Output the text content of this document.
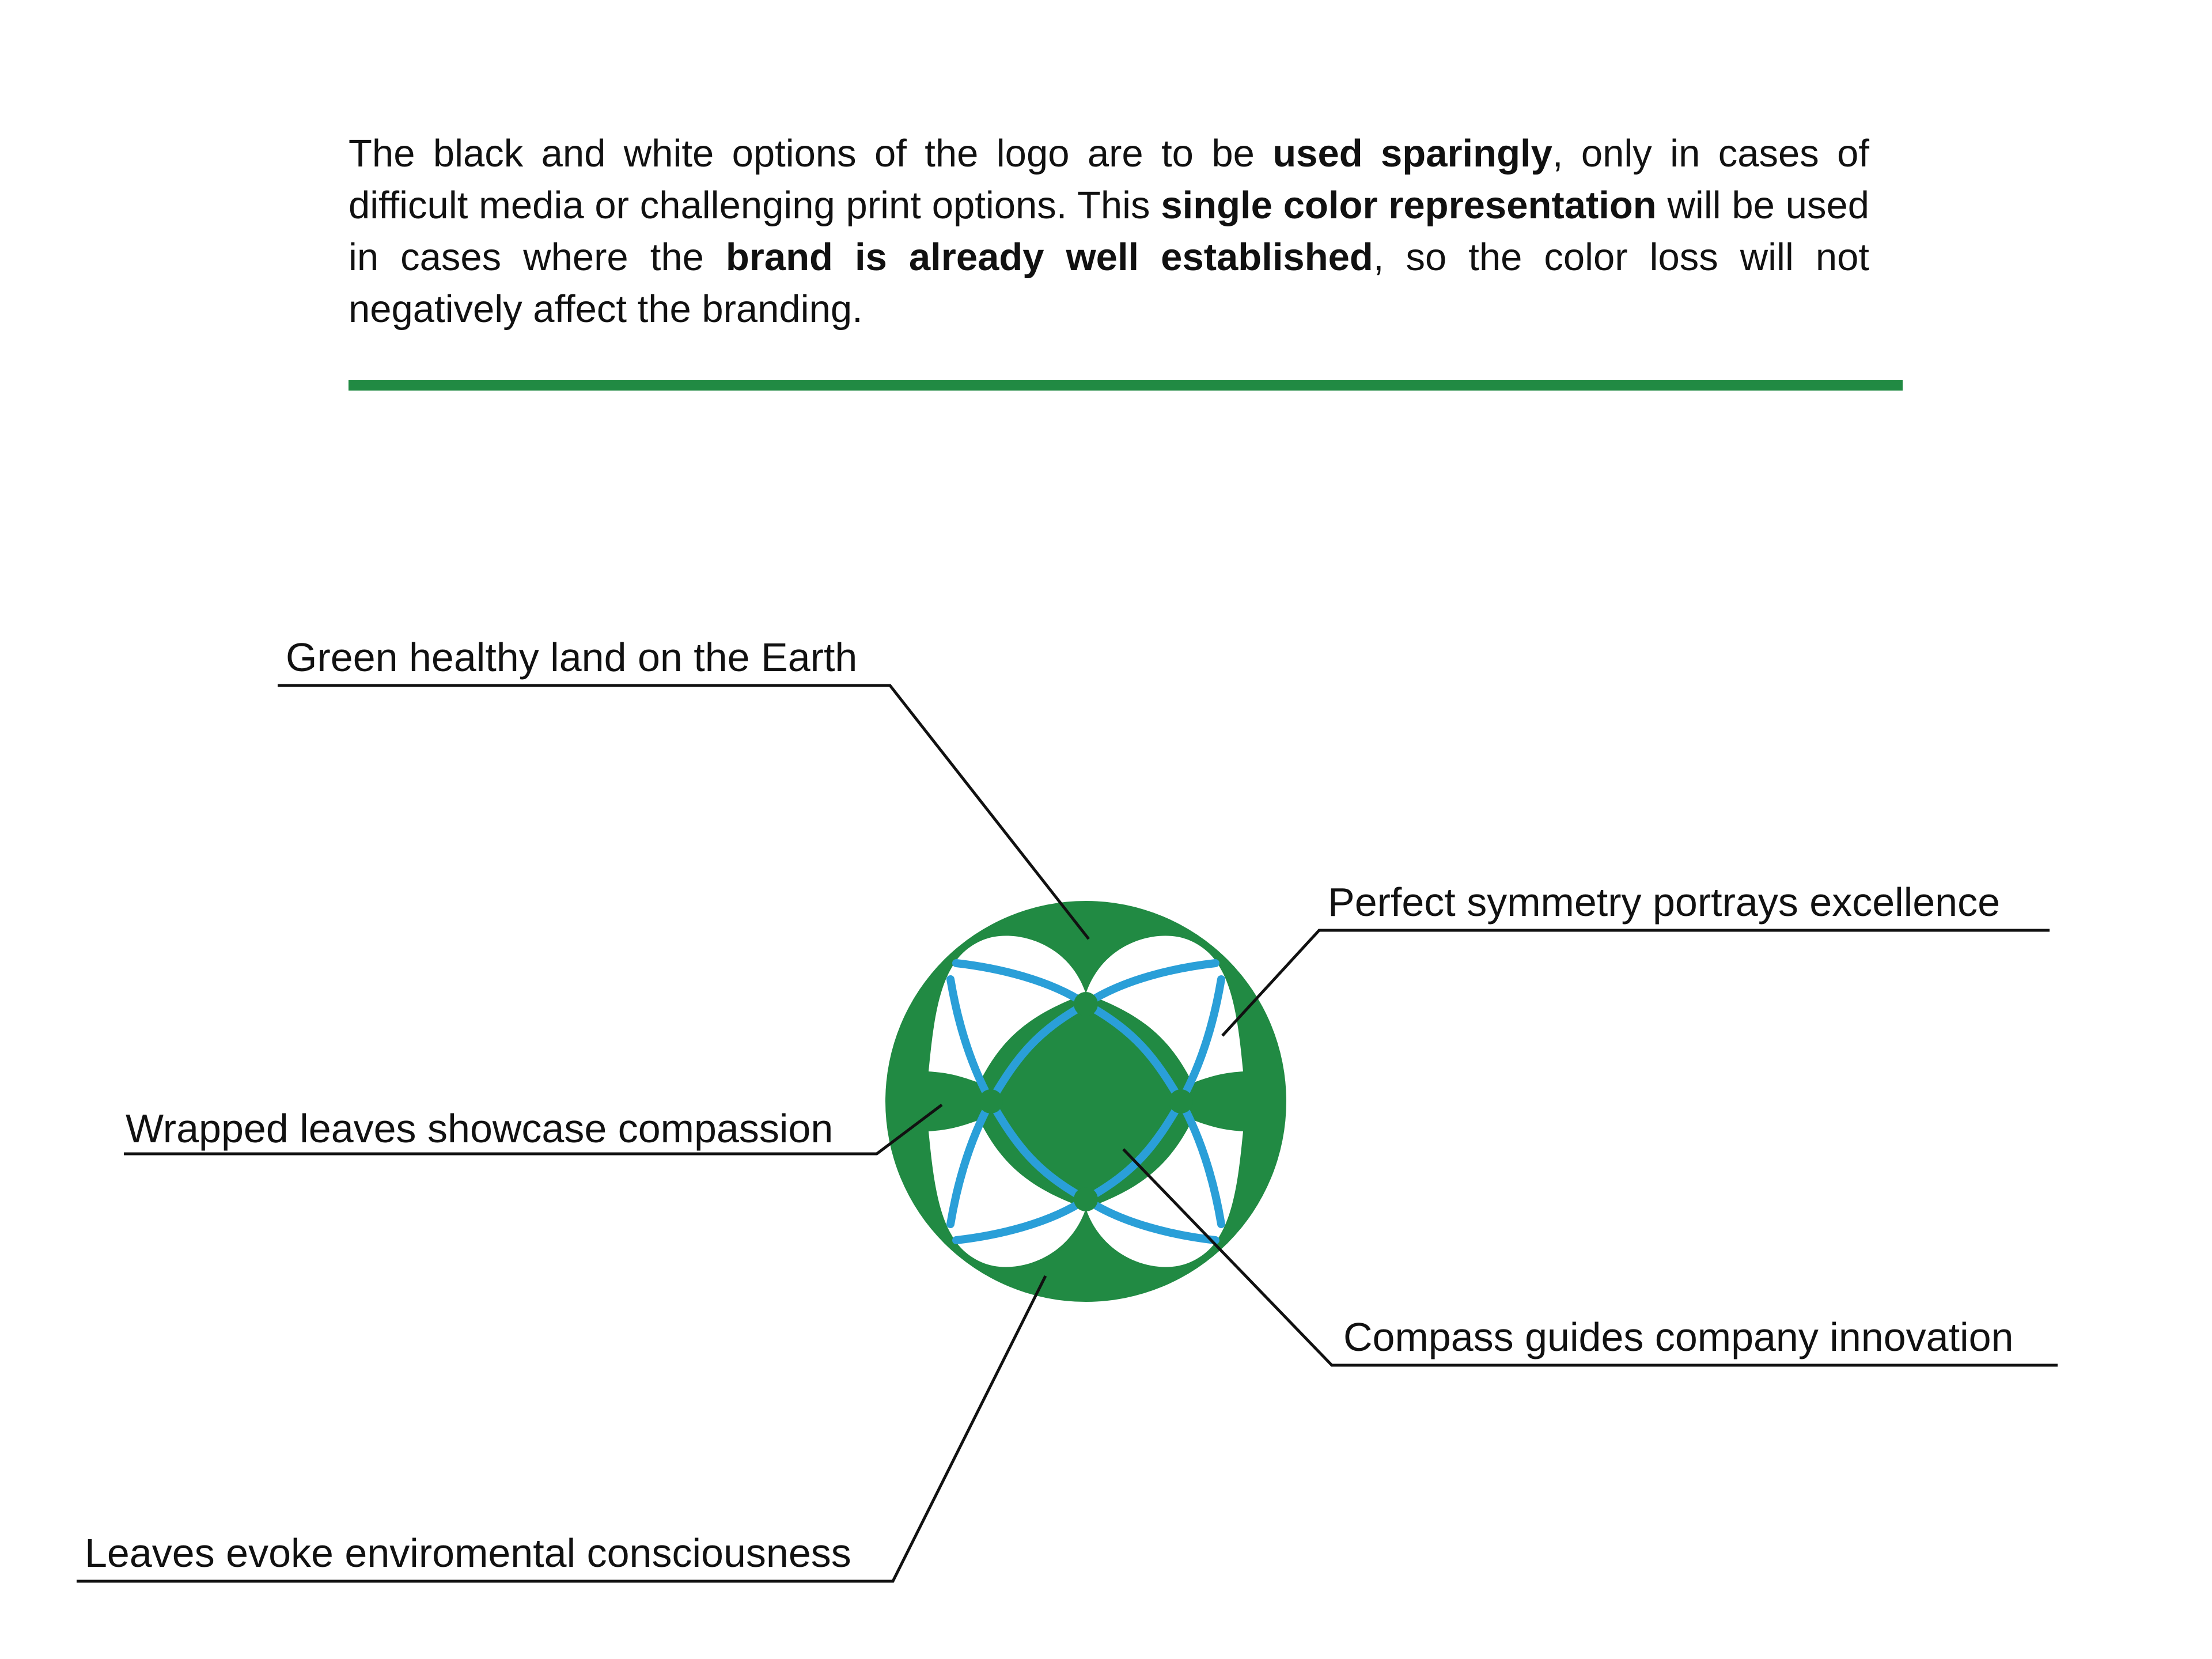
The black and white options of the logo are to be used sparingly, only in cases of difficult media or challenging print options. This single color representation will be used in cases where the brand is already well established, so the color loss will not negatively affect the branding.

Green healthy land on the Earth
Perfect symmetry portrays excellence
Wrapped leaves showcase compassion
Compass guides company innovation
Leaves evoke enviromental consciousness
